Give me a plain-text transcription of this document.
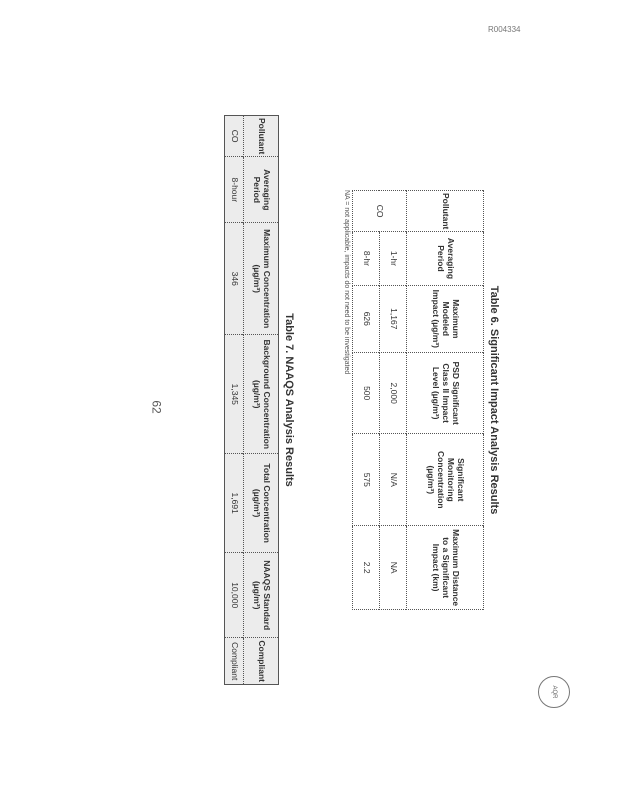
R004334
Table 6. Significant Impact Analysis Results
Pollutant	Averaging Period	Maximum Modeled Impact (µg/m³)	PSD Significant Class II Impact Level (µg/m³)	Significant Monitoring Concentration (µg/m³)	Maximum Distance to a Significant Impact (km)
CO	1-hr	1,167	2,000	N/A	NA
	8-hr	626	500	575	2.2
NA = not applicable, impacts do not need to be investigated
Table 7. NAAQS Analysis Results
Pollutant	Averaging Period	Maximum Concentration (µg/m³)	Background Concentration (µg/m³)	Total Concentration (µg/m³)	NAAQS Standard (µg/m³)	Compliant
CO	8-hour	346	1,345	1,691	10,000	Compliant
62
AQR
